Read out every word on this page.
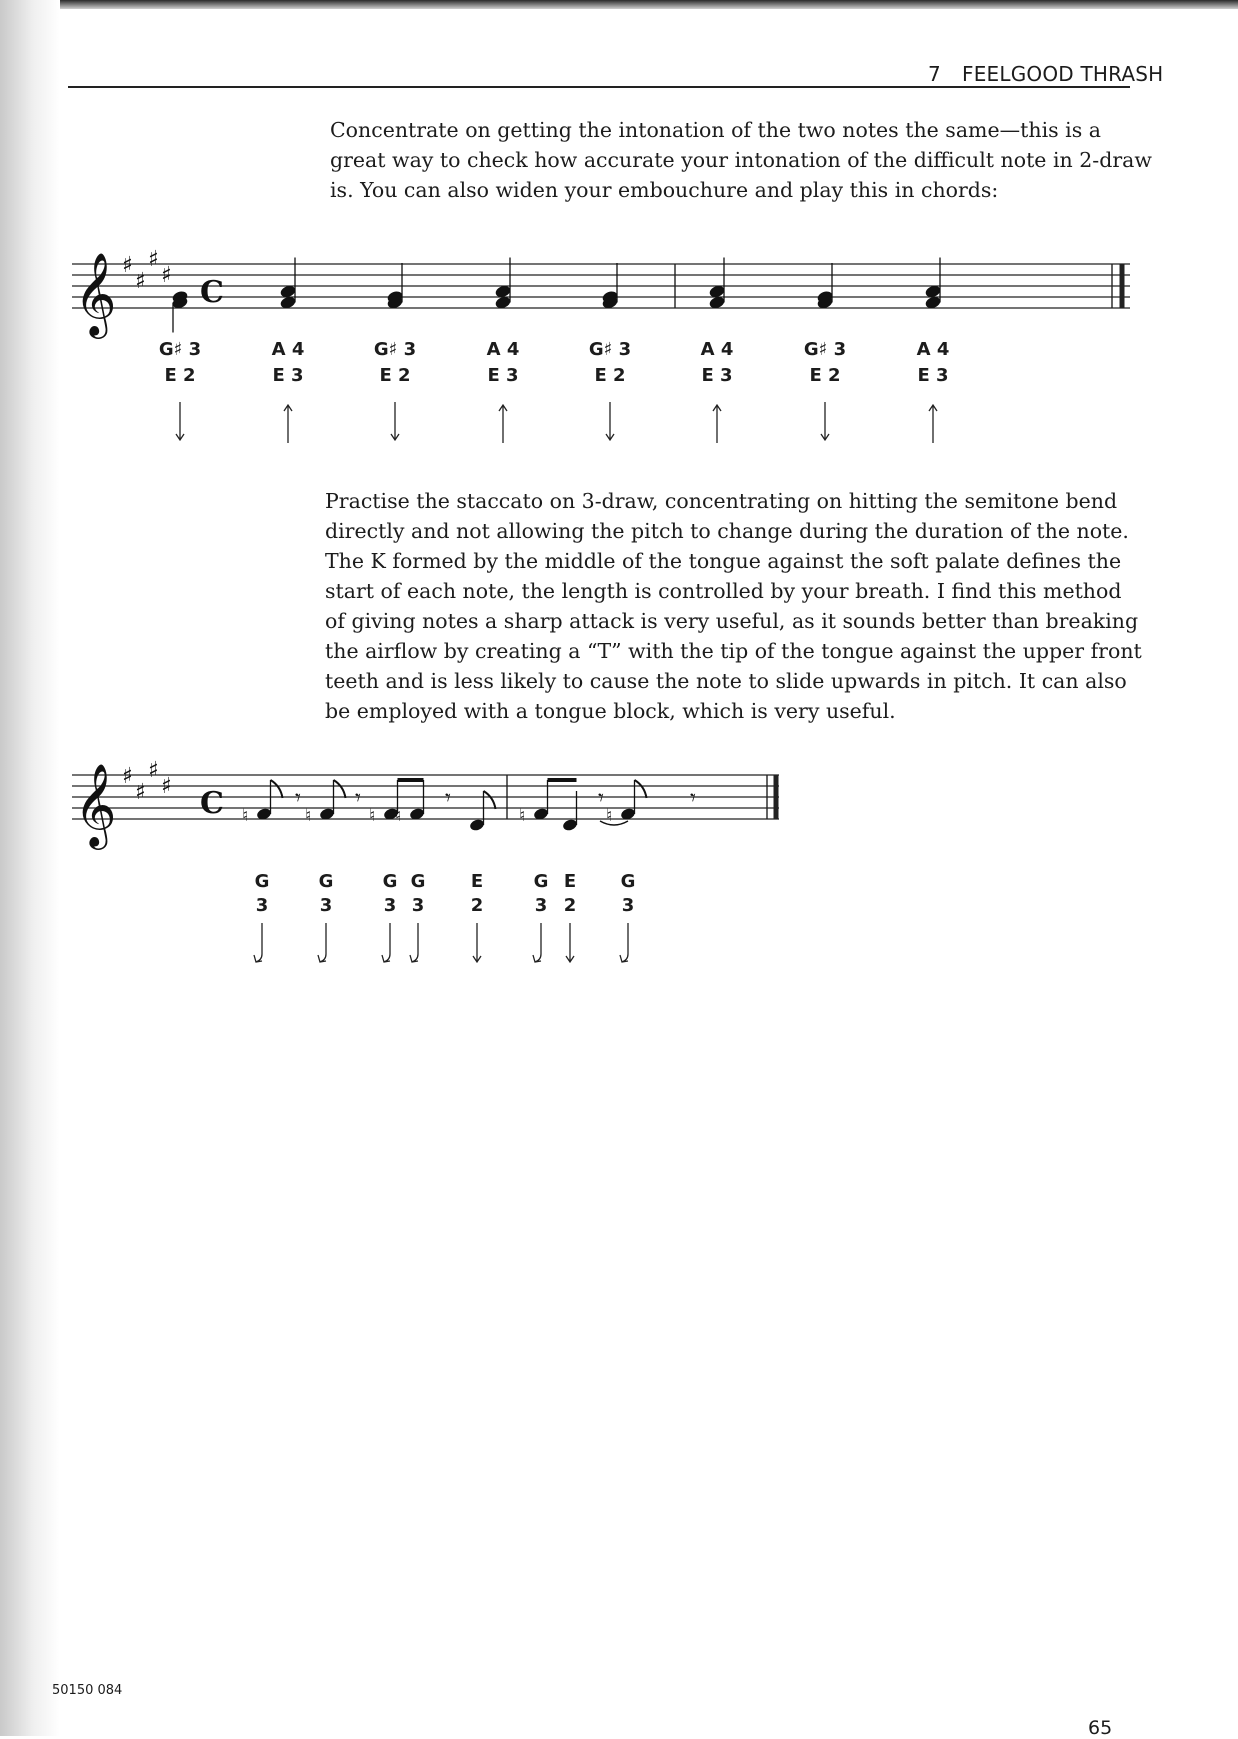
7 FEELGOOD THRASH
Concentrate on getting the intonation of the two notes the same—this is a
great way to check how accurate your intonation of the difficult note in 2-draw
is. You can also widen your embouchure and play this in chords:
𝄞 ♯
♯
♯
♯ C
G♯ 3
E 2
A 4
E 3
G♯ 3
E 2
A 4
E 3
G♯ 3
E 2
A 4
E 3
G♯ 3
E 2
A 4
E 3
Practise the staccato on 3-draw, concentrating on hitting the semitone bend
directly and not allowing the pitch to change during the duration of the note.
The K formed by the middle of the tongue against the soft palate defines the
start of each note, the length is controlled by your breath. I find this method
of giving notes a sharp attack is very useful, as it sounds better than breaking
the airflow by creating a “T” with the tip of the tongue against the upper front
teeth and is less likely to cause the note to slide upwards in pitch. It can also
be employed with a tongue block, which is very useful.
𝄞 ♯
♯
♯
♯ C ♮	♮	♮ ♮	♮	♮
𝄾 𝄾	𝄾	𝄾	𝄾
G
3
G
3
G
3
G
3
E
2
G
3
E
2
G
3
50150 084
65
